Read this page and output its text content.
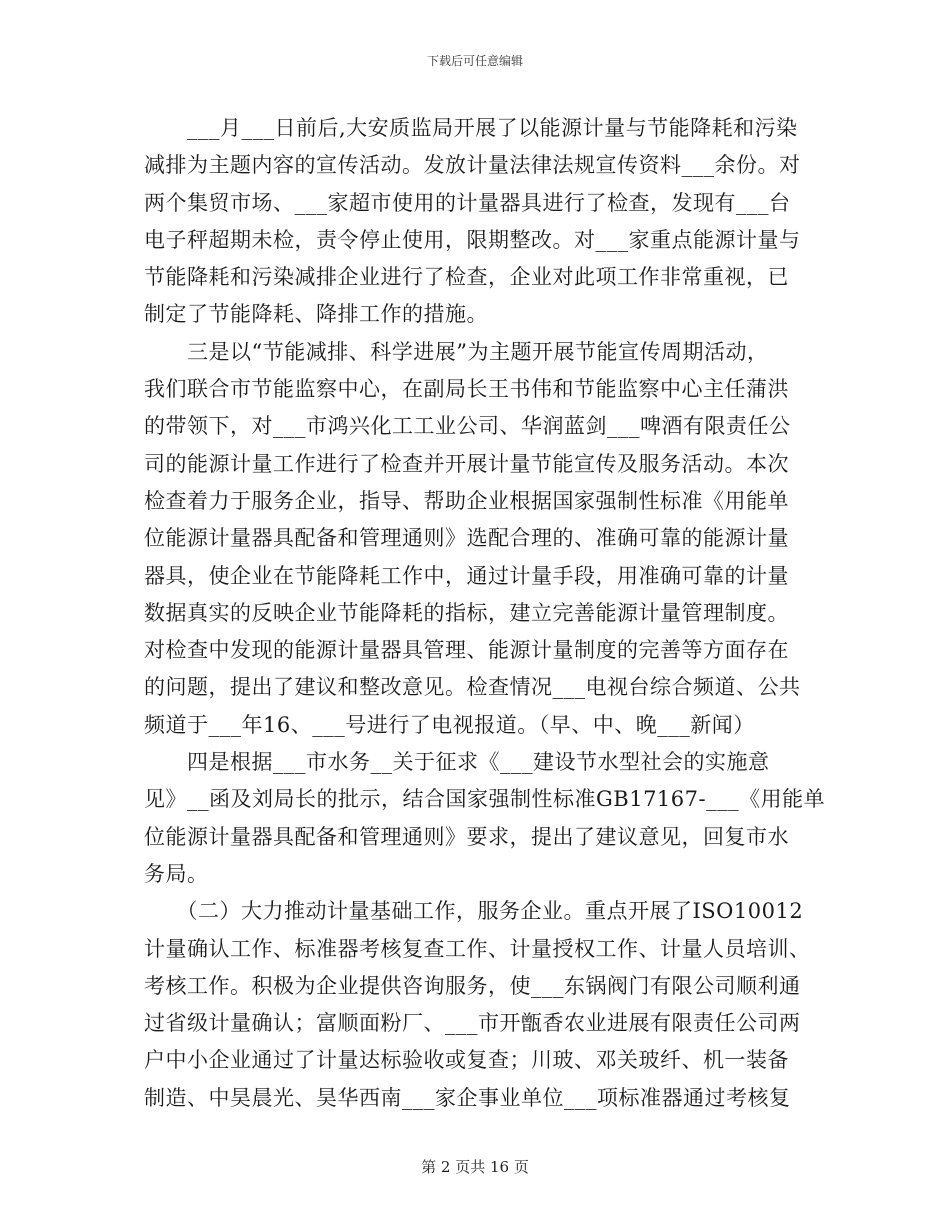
下载后可任意编辑
　　___月___日前后,大安质监局开展了以能源计量与节能降耗和污染
减排为主题内容的宣传活动。发放计量法律法规宣传资料___余份。对
两个集贸市场、___家超市使用的计量器具进行了检查，发现有___台
电子秤超期未检，责令停止使用，限期整改。对___家重点能源计量与
节能降耗和污染减排企业进行了检查，企业对此项工作非常重视，已
制定了节能降耗、降排工作的措施。
　　三是以“节能减排、科学进展”为主题开展节能宣传周期活动，
我们联合市节能监察中心，在副局长王书伟和节能监察中心主任蒲洪
的带领下，对___市鸿兴化工工业公司、华润蓝剑___啤酒有限责任公
司的能源计量工作进行了检查并开展计量节能宣传及服务活动。本次
检查着力于服务企业，指导、帮助企业根据国家强制性标准《用能单
位能源计量器具配备和管理通则》选配合理的、准确可靠的能源计量
器具，使企业在节能降耗工作中，通过计量手段，用准确可靠的计量
数据真实的反映企业节能降耗的指标，建立完善能源计量管理制度。
对检查中发现的能源计量器具管理、能源计量制度的完善等方面存在
的问题，提出了建议和整改意见。检查情况___电视台综合频道、公共
频道于___年16、___号进行了电视报道。（早、中、晚___新闻）
　　四是根据___市水务__关于征求《___建设节水型社会的实施意
见》__函及刘局长的批示，结合国家强制性标准GB17167-___《用能单
位能源计量器具配备和管理通则》要求，提出了建议意见，回复市水
务局。
　　（二）大力推动计量基础工作，服务企业。重点开展了ISO10012
计量确认工作、标准器考核复查工作、计量授权工作、计量人员培训、
考核工作。积极为企业提供咨询服务，使___东锅阀门有限公司顺利通
过省级计量确认；富顺面粉厂、___市开甑香农业进展有限责任公司两
户中小企业通过了计量达标验收或复查；川玻、邓关玻纤、机一装备
制造、中昊晨光、昊华西南___家企事业单位___项标准器通过考核复
第 2 页共 16 页
